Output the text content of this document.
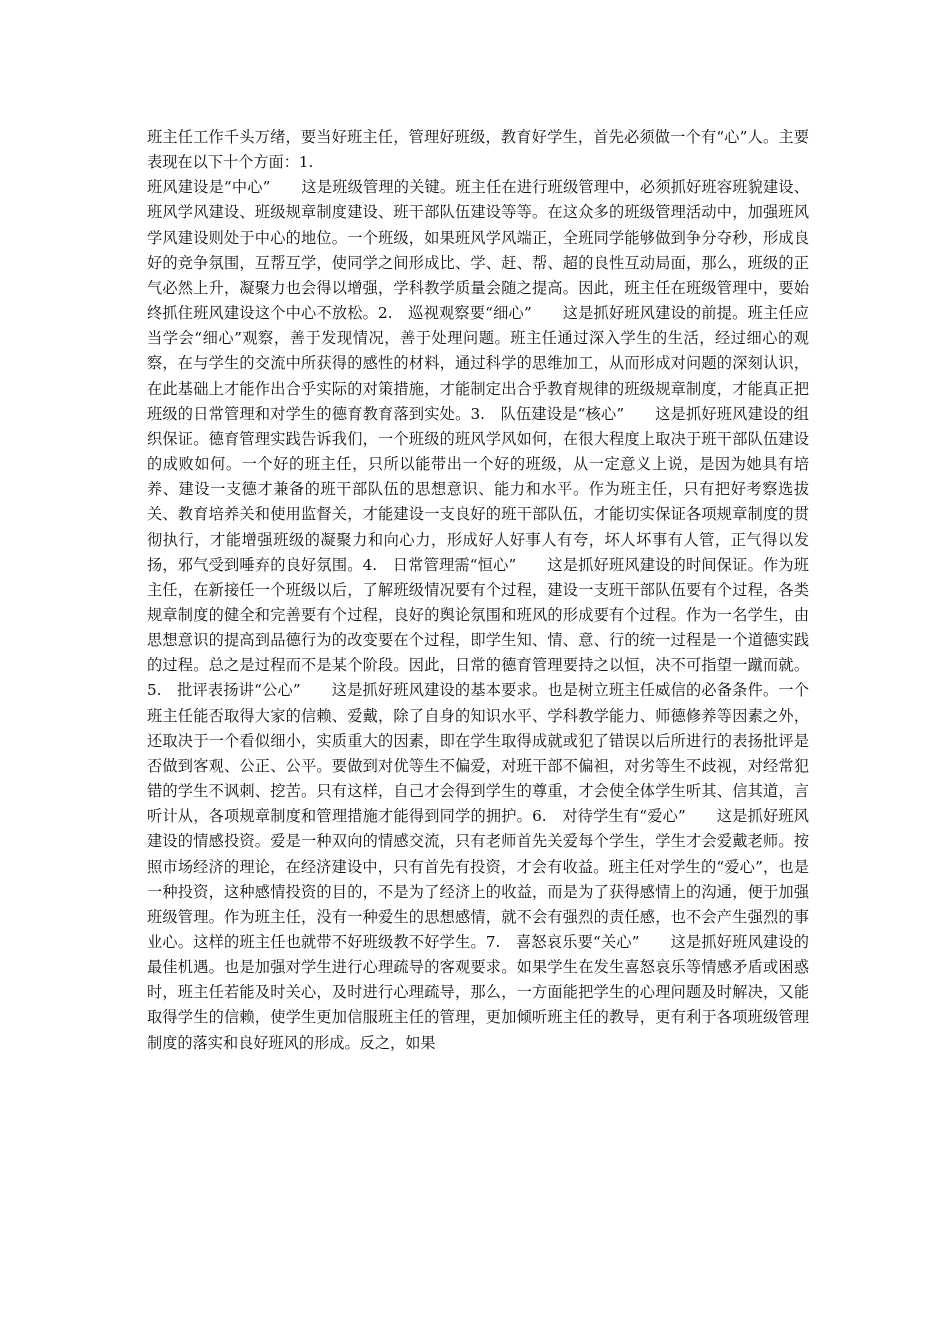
班主任工作千头万绪，要当好班主任，管理好班级，教育好学生，首先必须做一个有“心”人。主要表现在以下十个方面：1.

班风建设是“中心”　　这是班级管理的关键。班主任在进行班级管理中，必须抓好班容班貌建设、班风学风建设、班级规章制度建设、班干部队伍建设等等。在这众多的班级管理活动中，加强班风学风建设则处于中心的地位。一个班级，如果班风学风端正，全班同学能够做到争分夺秒，形成良好的竞争氛围，互帮互学，使同学之间形成比、学、赶、帮、超的良性互动局面，那么，班级的正气必然上升，凝聚力也会得以增强，学科教学质量会随之提高。因此，班主任在班级管理中，要始终抓住班风建设这个中心不放松。2.　巡视观察要“细心”　　这是抓好班风建设的前提。班主任应当学会“细心”观察，善于发现情况，善于处理问题。班主任通过深入学生的生活，经过细心的观察，在与学生的交流中所获得的感性的材料，通过科学的思维加工，从而形成对问题的深刻认识，在此基础上才能作出合乎实际的对策措施，才能制定出合乎教育规律的班级规章制度，才能真正把班级的日常管理和对学生的德育教育落到实处。3.　队伍建设是“核心”　　这是抓好班风建设的组织保证。德育管理实践告诉我们，一个班级的班风学风如何，在很大程度上取决于班干部队伍建设的成败如何。一个好的班主任，只所以能带出一个好的班级，从一定意义上说，是因为她具有培养、建设一支德才兼备的班干部队伍的思想意识、能力和水平。作为班主任，只有把好考察选拔关、教育培养关和使用监督关，才能建设一支良好的班干部队伍，才能切实保证各项规章制度的贯彻执行，才能增强班级的凝聚力和向心力，形成好人好事人有夸，坏人坏事有人管，正气得以发扬，邪气受到唾弃的良好氛围。4.　日常管理需“恒心”　　这是抓好班风建设的时间保证。作为班主任，在新接任一个班级以后，了解班级情况要有个过程，建设一支班干部队伍要有个过程，各类规章制度的健全和完善要有个过程，良好的舆论氛围和班风的形成要有个过程。作为一名学生，由思想意识的提高到品德行为的改变要在个过程，即学生知、情、意、行的统一过程是一个道德实践的过程。总之是过程而不是某个阶段。因此，日常的德育管理要持之以恒，决不可指望一蹴而就。5.　批评表扬讲“公心”　　这是抓好班风建设的基本要求。也是树立班主任威信的必备条件。一个班主任能否取得大家的信赖、爱戴，除了自身的知识水平、学科教学能力、师德修养等因素之外，还取决于一个看似细小，实质重大的因素，即在学生取得成就或犯了错误以后所进行的表扬批评是否做到客观、公正、公平。要做到对优等生不偏爱，对班干部不偏袒，对劣等生不歧视，对经常犯错的学生不讽刺、挖苦。只有这样，自己才会得到学生的尊重，才会使全体学生听其、信其道，言听计从，各项规章制度和管理措施才能得到同学的拥护。6.　对待学生有“爱心”　　这是抓好班风建设的情感投资。爱是一种双向的情感交流，只有老师首先关爱每个学生，学生才会爱戴老师。按照市场经济的理论，在经济建设中，只有首先有投资，才会有收益。班主任对学生的“爱心”，也是一种投资，这种感情投资的目的，不是为了经济上的收益，而是为了获得感情上的沟通，便于加强班级管理。作为班主任，没有一种爱生的思想感情，就不会有强烈的责任感，也不会产生强烈的事业心。这样的班主任也就带不好班级教不好学生。7.　喜怒哀乐要“关心”　　这是抓好班风建设的最佳机遇。也是加强对学生进行心理疏导的客观要求。如果学生在发生喜怒哀乐等情感矛盾或困惑时，班主任若能及时关心，及时进行心理疏导，那么，一方面能把学生的心理问题及时解决，又能取得学生的信赖，使学生更加信服班主任的管理，更加倾听班主任的教导，更有利于各项班级管理制度的落实和良好班风的形成。反之，如果
